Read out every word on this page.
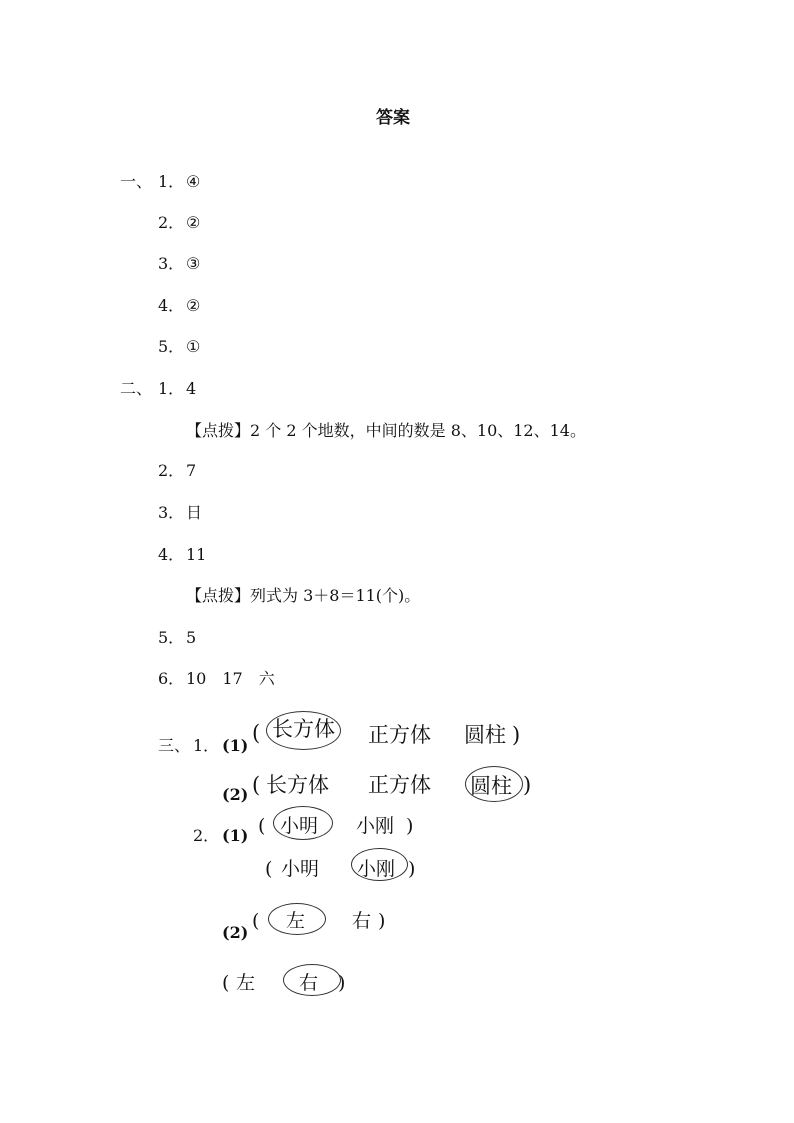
答案
一、 1． ④
2． ②
3． ③
4． ②
5． ①
二、 1． 4
【点拨】2 个 2 个地数，中间的数是 8、10、12、14。
2． 7
3． 日
4． 11
【点拨】列式为 3＋8＝11(个)。
5． 5
6． 10　17　六
三、 1． (1)
( 长方体 正方体 圆柱 )
(2) ( 长方体 正方体 圆柱 )
2． (1) ( 小明 小刚 )
( 小明 小刚 )
(2)
( 左 右 )
( 左 右 )
